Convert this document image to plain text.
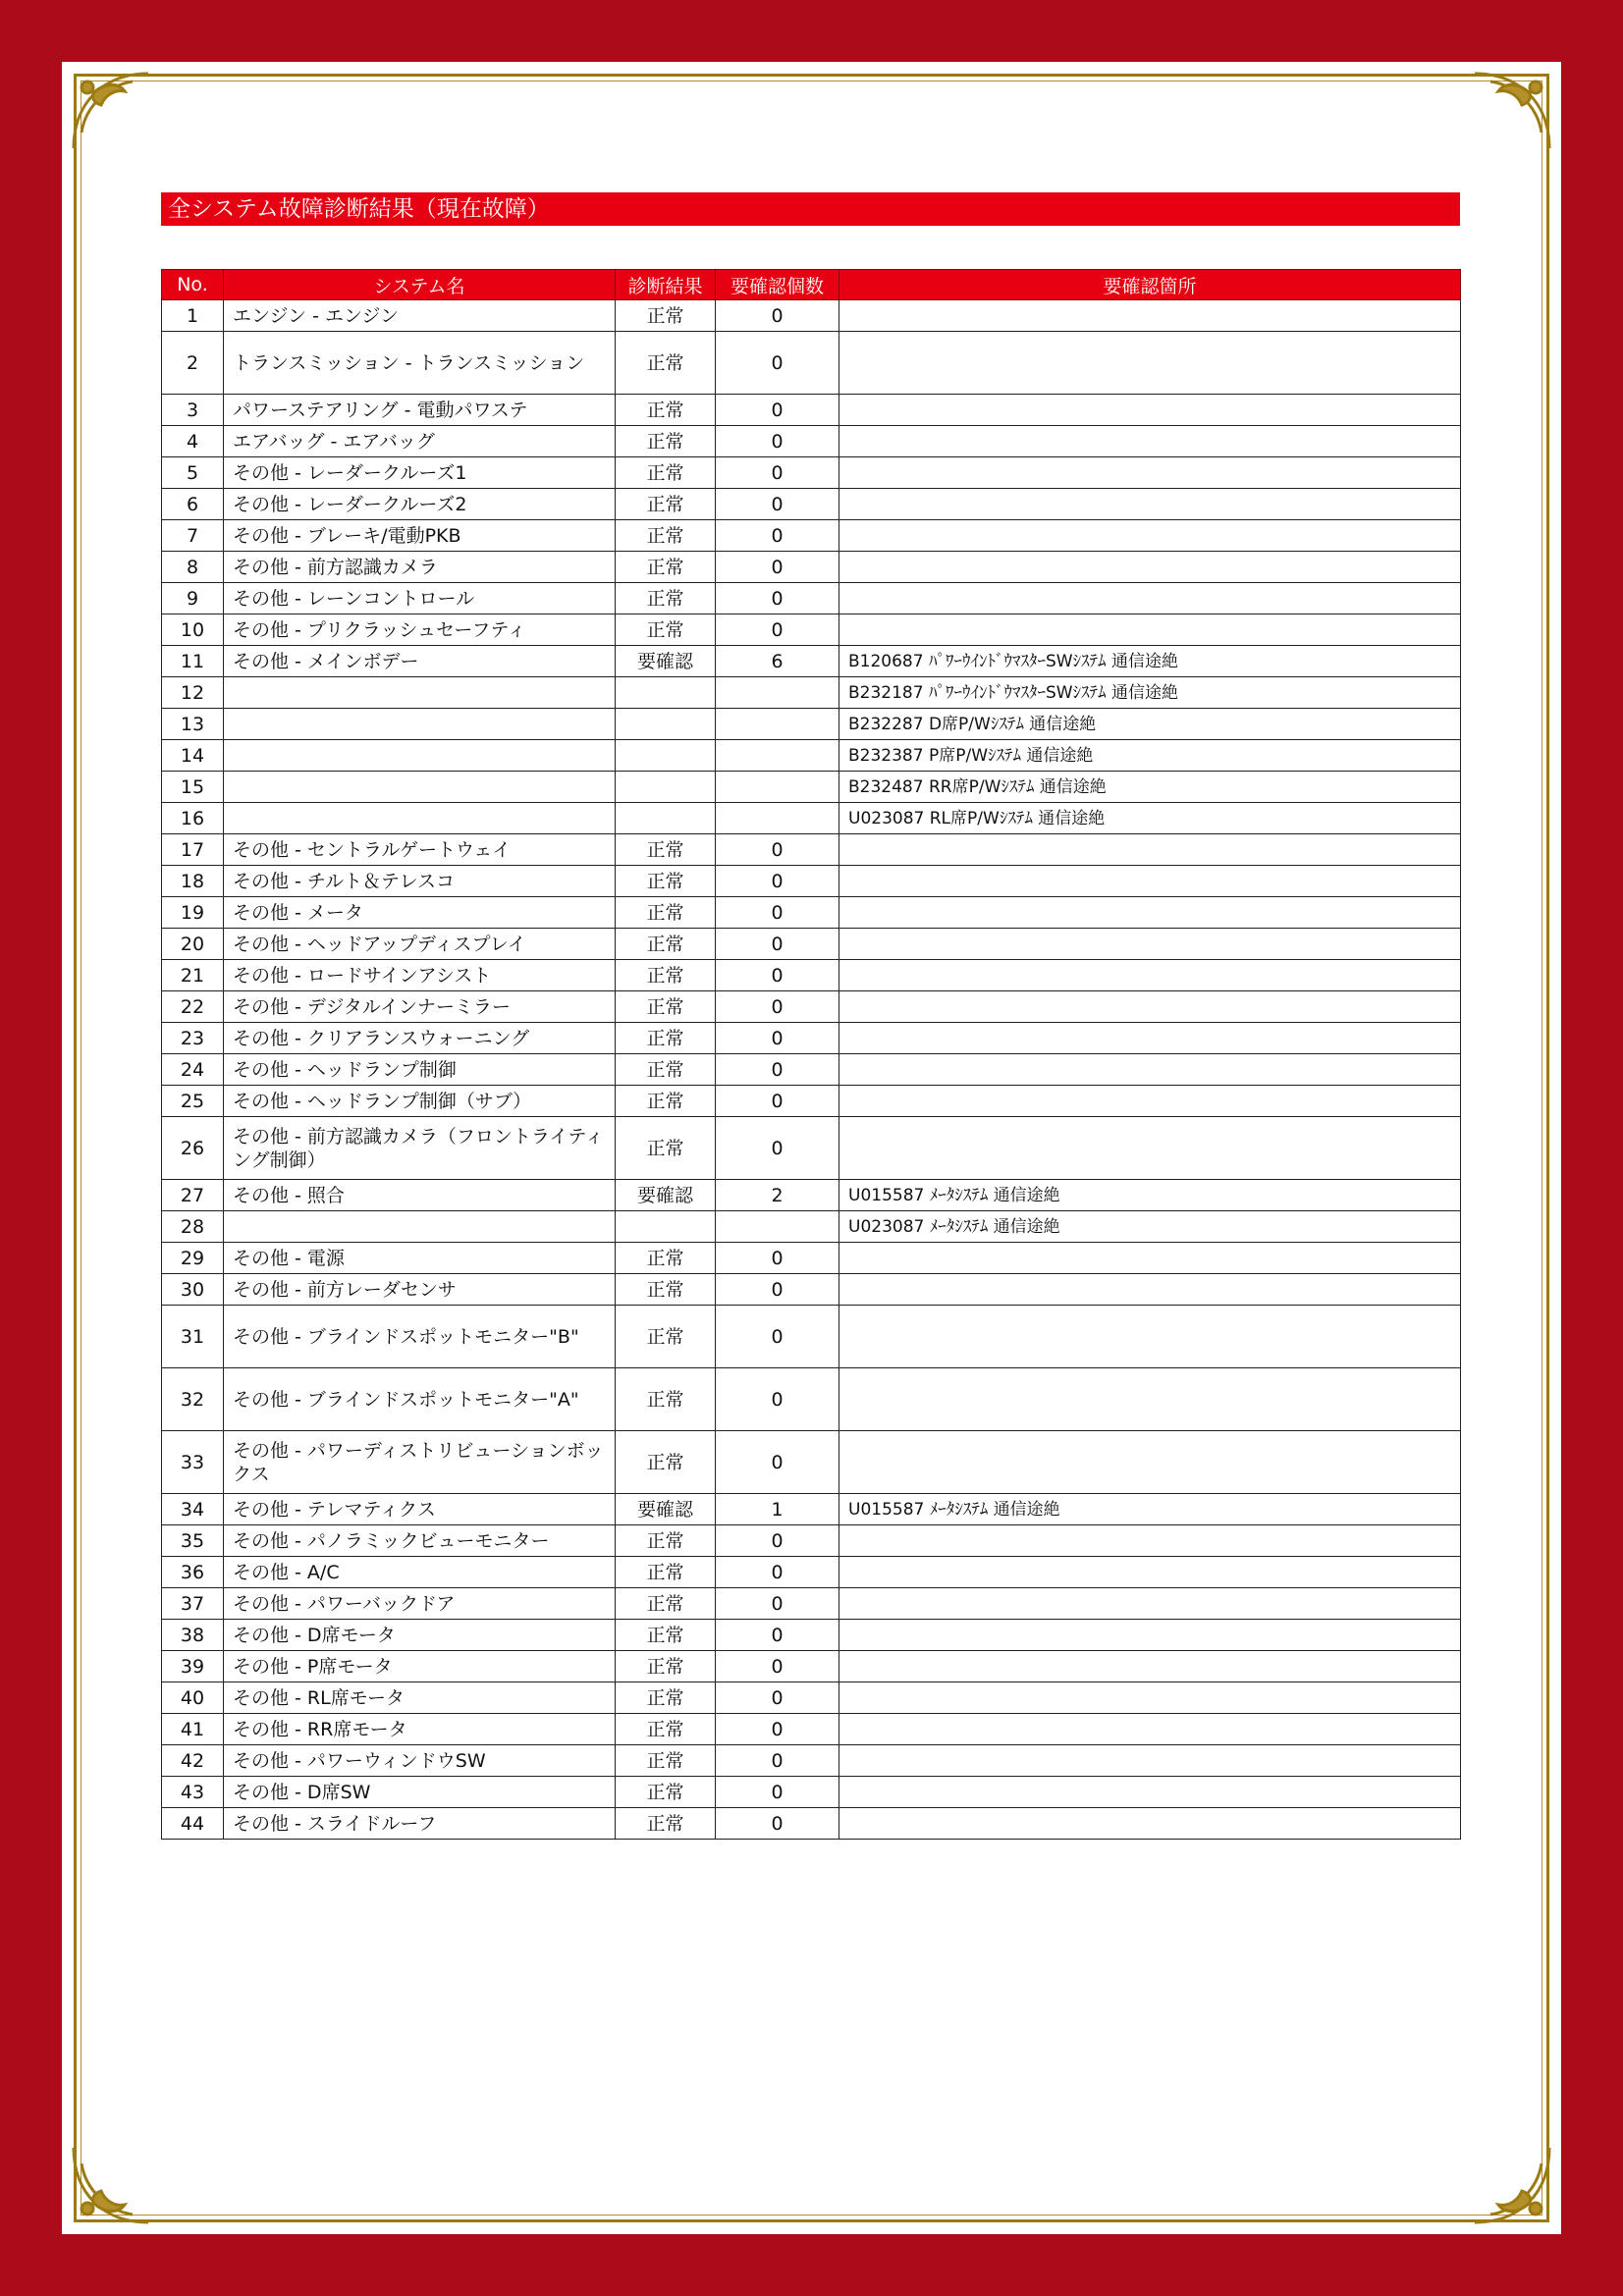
全システム故障診断結果（現在故障）
No.	システム名	診断結果	要確認個数	要確認箇所
1	エンジン - エンジン	正常	0	
2	トランスミッション - トランスミッション	正常	0	
3	パワーステアリング - 電動パワステ	正常	0	
4	エアバッグ - エアバッグ	正常	0	
5	その他 - レーダークルーズ1	正常	0	
6	その他 - レーダークルーズ2	正常	0	
7	その他 - ブレーキ/電動PKB	正常	0	
8	その他 - 前方認識カメラ	正常	0	
9	その他 - レーンコントロール	正常	0	
10	その他 - プリクラッシュセーフティ	正常	0	
11	その他 - メインボデー	要確認	6	B120687 ﾊﾟﾜｰｳｲﾝﾄﾞｳﾏｽﾀｰSWｼｽﾃﾑ 通信途絶
12				B232187 ﾊﾟﾜｰｳｲﾝﾄﾞｳﾏｽﾀｰSWｼｽﾃﾑ 通信途絶
13				B232287 D席P/Wｼｽﾃﾑ 通信途絶
14				B232387 P席P/Wｼｽﾃﾑ 通信途絶
15				B232487 RR席P/Wｼｽﾃﾑ 通信途絶
16				U023087 RL席P/Wｼｽﾃﾑ 通信途絶
17	その他 - セントラルゲートウェイ	正常	0	
18	その他 - チルト＆テレスコ	正常	0	
19	その他 - メータ	正常	0	
20	その他 - ヘッドアップディスプレイ	正常	0	
21	その他 - ロードサインアシスト	正常	0	
22	その他 - デジタルインナーミラー	正常	0	
23	その他 - クリアランスウォーニング	正常	0	
24	その他 - ヘッドランプ制御	正常	0	
25	その他 - ヘッドランプ制御（サブ）	正常	0	
26	その他 - 前方認識カメラ（フロントライティング制御）	正常	0	
27	その他 - 照合	要確認	2	U015587 ﾒｰﾀｼｽﾃﾑ 通信途絶
28				U023087 ﾒｰﾀｼｽﾃﾑ 通信途絶
29	その他 - 電源	正常	0	
30	その他 - 前方レーダセンサ	正常	0	
31	その他 - ブラインドスポットモニター"B"	正常	0	
32	その他 - ブラインドスポットモニター"A"	正常	0	
33	その他 - パワーディストリビューションボックス	正常	0	
34	その他 - テレマティクス	要確認	1	U015587 ﾒｰﾀｼｽﾃﾑ 通信途絶
35	その他 - パノラミックビューモニター	正常	0	
36	その他 - A/C	正常	0	
37	その他 - パワーバックドア	正常	0	
38	その他 - D席モータ	正常	0	
39	その他 - P席モータ	正常	0	
40	その他 - RL席モータ	正常	0	
41	その他 - RR席モータ	正常	0	
42	その他 - パワーウィンドウSW	正常	0	
43	その他 - D席SW	正常	0	
44	その他 - スライドルーフ	正常	0	
